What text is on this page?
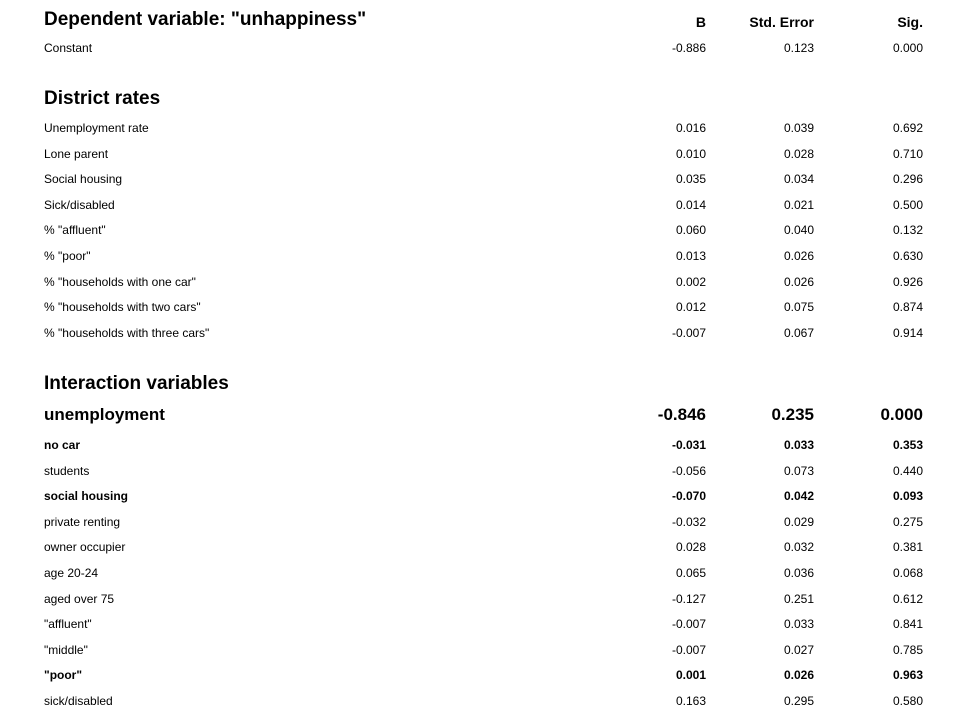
Dependent variable: "unhappiness"	B	Std. Error	Sig.
Constant	-0.886	0.123	0.000
District rates
Unemployment rate	0.016	0.039	0.692
Lone parent	0.010	0.028	0.710
Social housing	0.035	0.034	0.296
Sick/disabled	0.014	0.021	0.500
% "affluent"	0.060	0.040	0.132
% "poor"	0.013	0.026	0.630
% "households with one car"	0.002	0.026	0.926
% "households with two cars"	0.012	0.075	0.874
% "households with three cars"	-0.007	0.067	0.914
Interaction variables
unemployment	-0.846	0.235	0.000
no car	-0.031	0.033	0.353
students	-0.056	0.073	0.440
social housing	-0.070	0.042	0.093
private renting	-0.032	0.029	0.275
owner occupier	0.028	0.032	0.381
age 20-24	0.065	0.036	0.068
aged over 75	-0.127	0.251	0.612
"affluent"	-0.007	0.033	0.841
"middle"	-0.007	0.027	0.785
"poor"	0.001	0.026	0.963
sick/disabled	0.163	0.295	0.580
